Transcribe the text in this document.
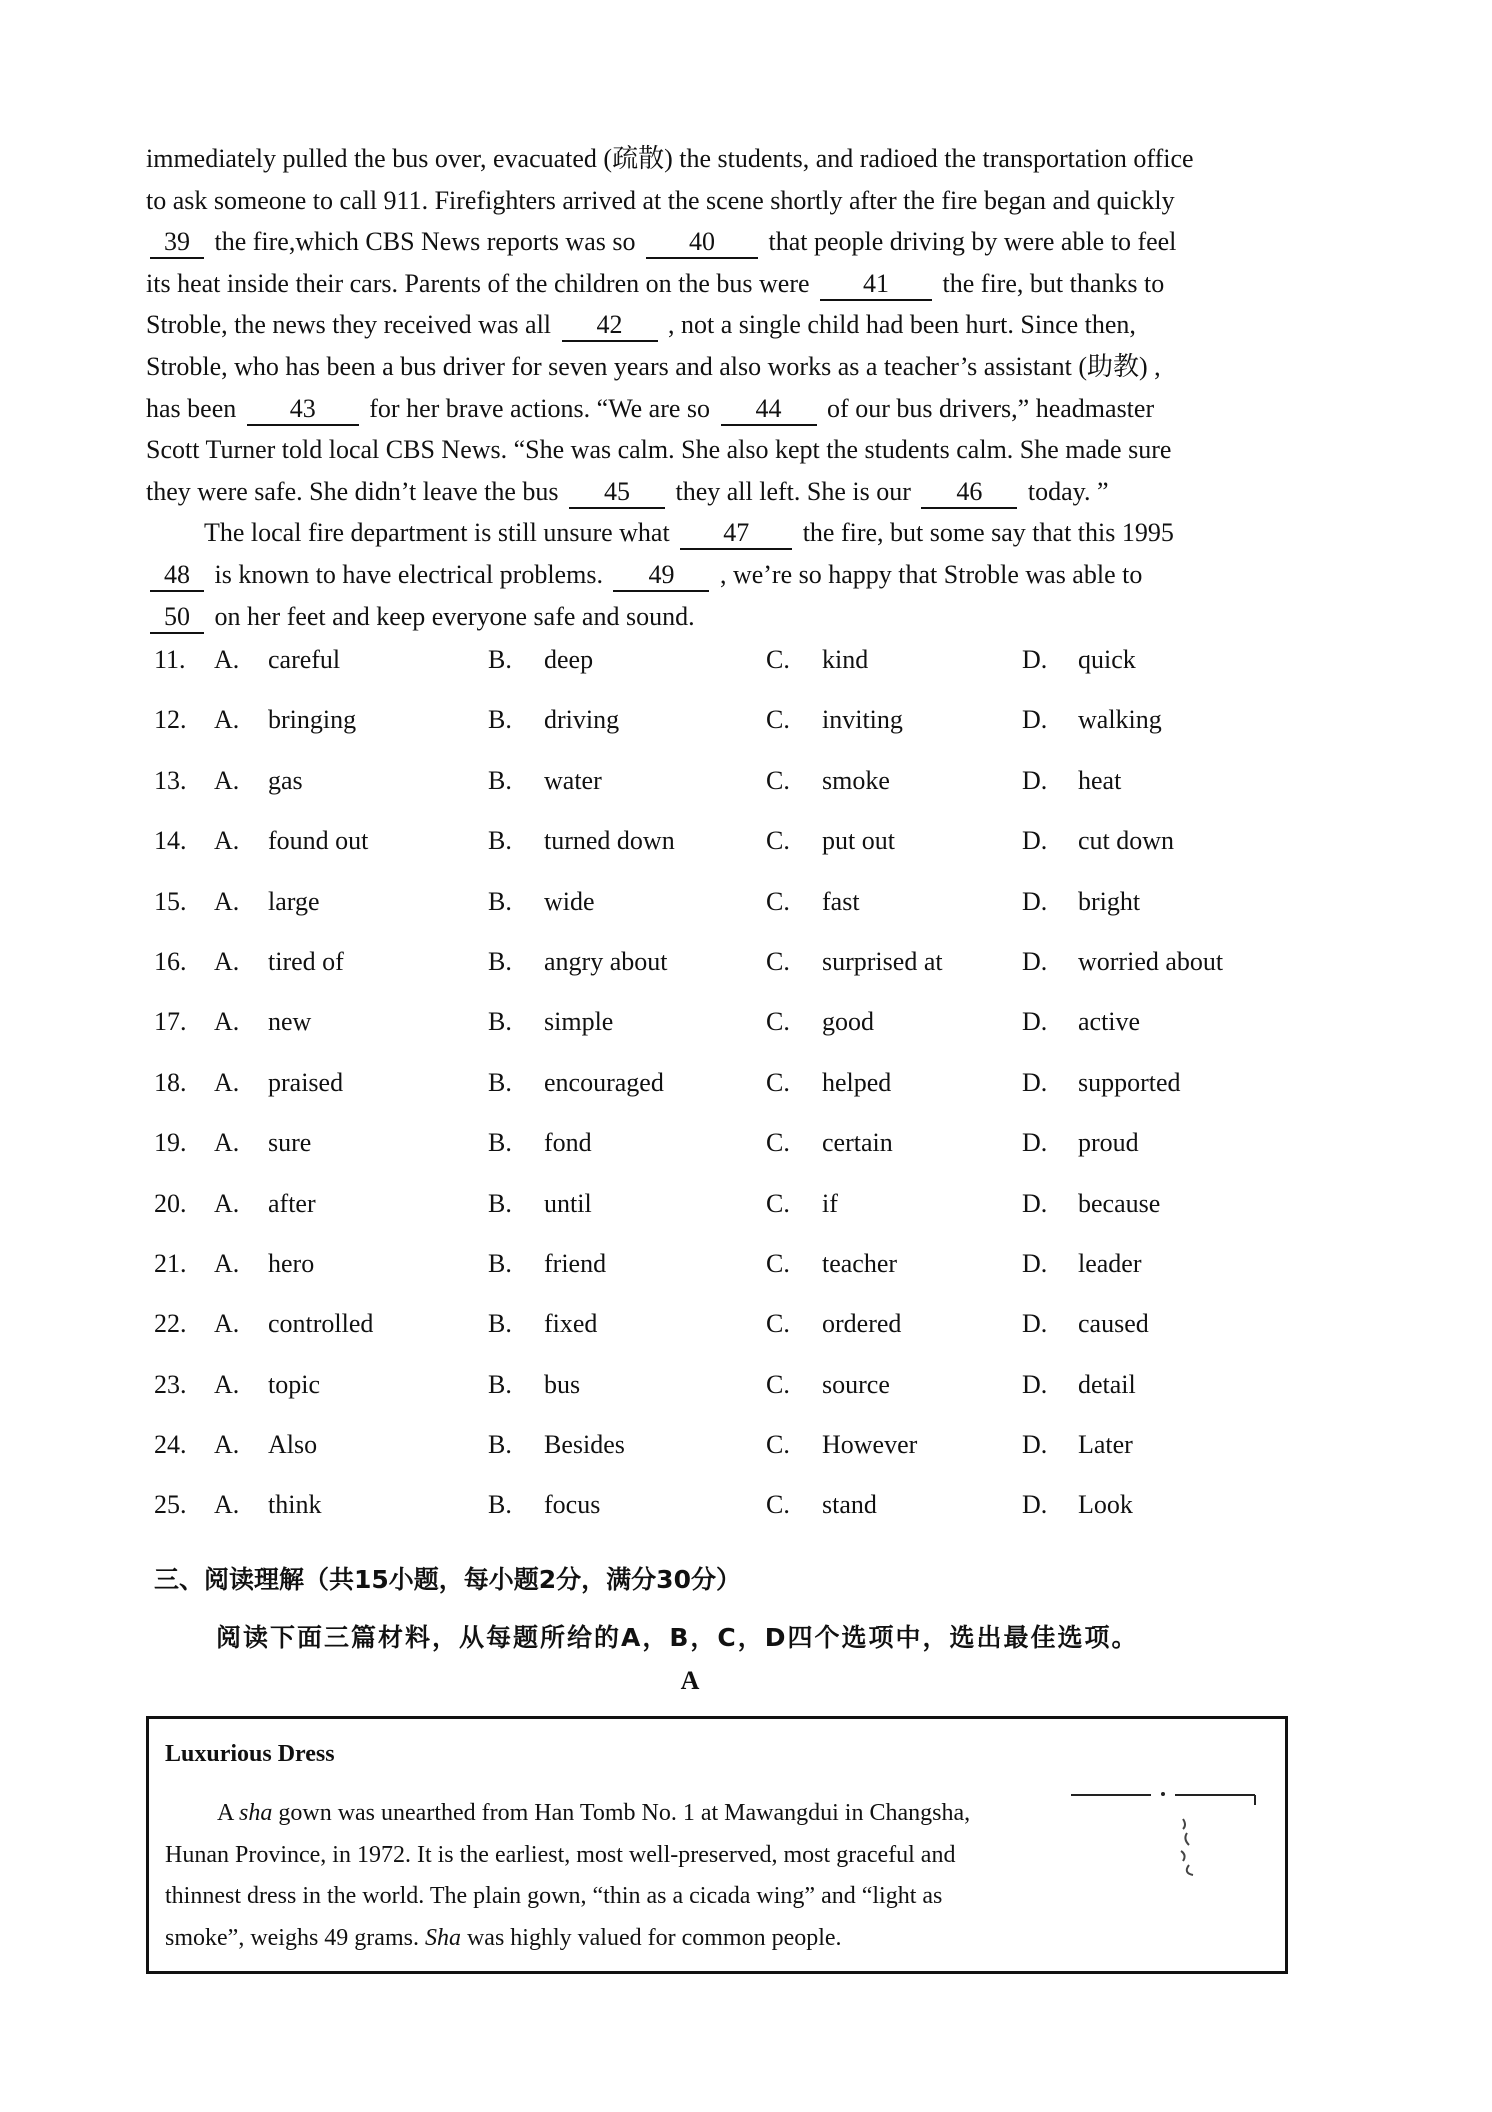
immediately pulled the bus over, evacuated (疏散) the students, and radioed the transportation office
to ask someone to call 911. Firefighters arrived at the scene shortly after the fire began and quickly
39 the fire,which CBS News reports was so 40 that people driving by were able to feel
its heat inside their cars. Parents of the children on the bus were 41 the fire, but thanks to
Stroble, the news they received was all 42 , not a single child had been hurt. Since then,
Stroble, who has been a bus driver for seven years and also works as a teacher’s assistant (助教) ,
has been 43 for her brave actions. “We are so 44 of our bus drivers,” headmaster
Scott Turner told local CBS News. “She was calm. She also kept the students calm. She made sure
they were safe. She didn’t leave the bus 45 they all left. She is our 46 today. ”
The local fire department is still unsure what 47 the fire, but some say that this 1995
48 is known to have electrical problems. 49 , we’re so happy that Stroble was able to
50 on her feet and keep everyone safe and sound.
11. A. careful	B. deep	C. kind	D. quick
12. A. bringing	B. driving	C. inviting	D. walking
13. A. gas	B. water	C. smoke	D. heat
14. A. found out	B. turned down	C. put out	D. cut down
15. A. large	B. wide	C. fast	D. bright
16. A. tired of	B. angry about	C. surprised at	D. worried about
17. A. new	B. simple	C. good	D. active
18. A. praised	B. encouraged	C. helped	D. supported
19. A. sure	B. fond	C. certain	D. proud
20. A. after	B. until	C. if	D. because
21. A. hero	B. friend	C. teacher	D. leader
22. A. controlled	B. fixed	C. ordered	D. caused
23. A. topic	B. bus	C. source	D. detail
24. A. Also	B. Besides	C. However	D. Later
25. A. think	B. focus	C. stand	D. Look
三、阅读理解（共15小题，每小题2分，满分30分）
阅读下面三篇材料，从每题所给的A，B，C，D四个选项中，选出最佳选项。
A
Luxurious Dress
A sha gown was unearthed from Han Tomb No. 1 at Mawangdui in Changsha,
Hunan Province, in 1972. It is the earliest, most well-preserved, most graceful and
thinnest dress in the world. The plain gown, “thin as a cicada wing” and “light as
smoke”, weighs 49 grams. Sha was highly valued for common people.
